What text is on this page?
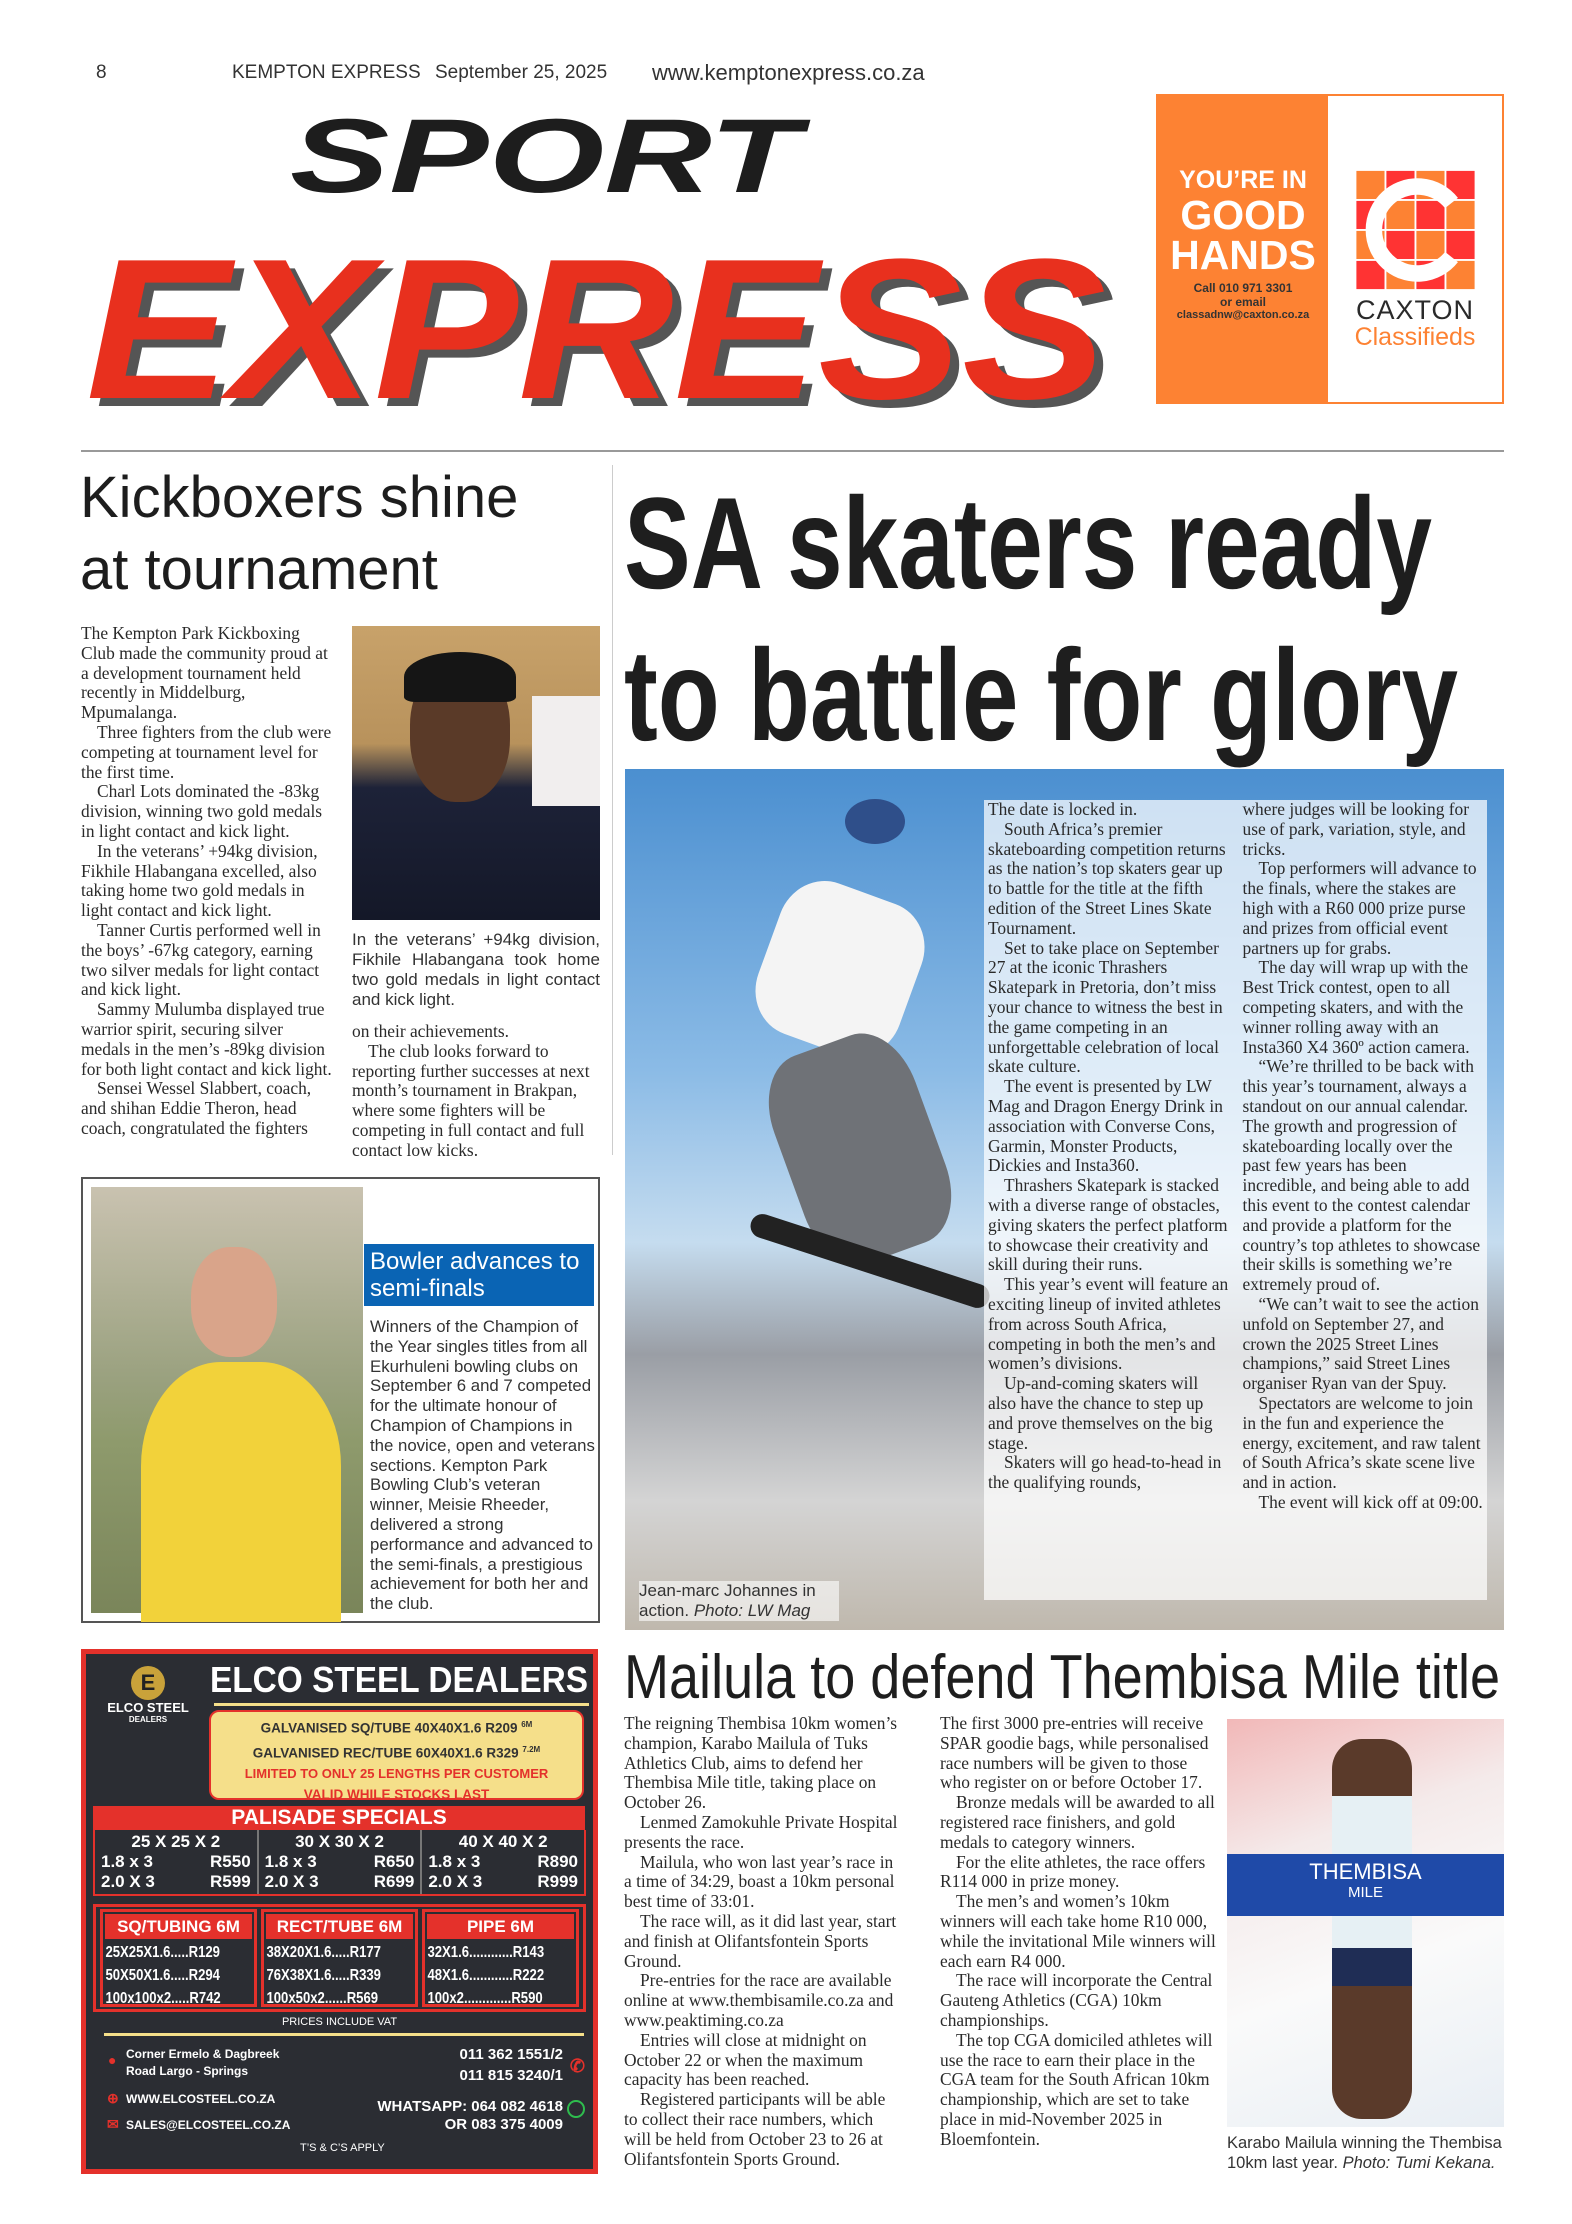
8	KEMPTON EXPRESS September 25, 2025 www.kemptonexpress.co.za
SPORT
EXPRESS
YOU’RE IN
GOOD
HANDS
Call 010 971 3301
or email
classadnw@caxton.co.za	CAXTON
Classifieds
Kickboxers shine
at tournament

The Kempton Park Kickboxing Club made the community proud at a development tournament held recently in Middelburg, Mpumalanga.

Three fighters from the club were competing at tournament level for the first time.

Charl Lots dominated the -83kg division, winning two gold medals in light contact and kick light.

In the veterans’ +94kg division, Fikhile Hlabangana excelled, also taking home two gold medals in light contact and kick light.

Tanner Curtis performed well in the boys’ -67kg category, earning two silver medals for light contact and kick light.

Sammy Mulumba displayed true warrior spirit, securing silver medals in the men’s -89kg division for both light contact and kick light.

Sensei Wessel Slabbert, coach, and shihan Eddie Theron, head coach, congratulated the fighters

In the veterans’ +94kg division, Fikhile Hlabangana took home two gold medals in light contact and kick light.

on their achievements.

The club looks forward to reporting further successes at next month’s tournament in Brakpan, where some fighters will be competing in full contact and full contact low kicks.

Bowler advances to semi-finals
Winners of the Champion of the Year singles titles from all Ekurhuleni bowling clubs on September 6 and 7 competed for the ultimate honour of Champion of Champions in the novice, open and veterans sections. Kempton Park Bowling Club’s veteran winner, Meisie Rheeder, delivered a strong performance and advanced to the semi-finals, a prestigious achievement for both her and the club.
SA skaters ready
to battle for glory

The date is locked in.

South Africa’s premier skateboarding competition returns as the nation’s top skaters gear up to battle for the title at the fifth edition of the Street Lines Skate Tournament.

Set to take place on September 27 at the iconic Thrashers Skatepark in Pretoria, don’t miss your chance to witness the best in the game competing in an unforgettable celebration of local skate culture.

The event is presented by LW Mag and Dragon Energy Drink in association with Converse Cons, Garmin, Monster Products, Dickies and Insta360.

Thrashers Skatepark is stacked with a diverse range of obstacles, giving skaters the perfect platform to showcase their creativity and skill during their runs.

This year’s event will feature an exciting lineup of invited athletes from across South Africa, competing in both the men’s and women’s divisions.

Up-and-coming skaters will also have the chance to step up and prove themselves on the big stage.

Skaters will go head-to-head in the qualifying rounds,

where judges will be looking for use of park, variation, style, and tricks.

Top performers will advance to the finals, where the stakes are high with a R60 000 prize purse and prizes from official event partners up for grabs.

The day will wrap up with the Best Trick contest, open to all competing skaters, and with the winner rolling away with an Insta360 X4 360º action camera.

“We’re thrilled to be back with this year’s tournament, always a standout on our annual calendar. The growth and progression of skateboarding locally over the past few years has been incredible, and being able to add this event to the contest calendar and provide a platform for the country’s top athletes to showcase their skills is something we’re extremely proud of.

“We can’t wait to see the action unfold on September 27, and crown the 2025 Street Lines champions,” said Street Lines organiser Ryan van der Spuy.

Spectators are welcome to join in the fun and experience the energy, excitement, and raw talent of South Africa’s skate scene live and in action.

The event will kick off at 09:00.

Jean-marc Johannes in action. Photo: LW Mag
E
ELCO STEEL
DEALERS
ELCO STEEL DEALERS
GALVANISED SQ/TUBE 40X40X1.6 R209 $^{6M}$
GALVANISED REC/TUBE 60X40X1.6 R329 $^{7.2M}$
LIMITED TO ONLY 25 LENGTHS PER CUSTOMER
VALID WHILE STOCKS LAST
PALISADE SPECIALS
25 X 25 X 2
1.8 x 3	R550
2.0 X 3	R599
30 X 30 X 2
1.8 x 3	R650
2.0 X 3	R699
40 X 40 X 2
1.8 x 3	R890
2.0 X 3	R999
SQ/TUBING 6M
25X25X1.6.....R129
50X50X1.6.....R294
100x100x2.....R742
RECT/TUBE 6M
38X20X1.6.....R177
76X38X1.6.....R339
100x50x2......R569
PIPE 6M
32X1.6............R143
48X1.6............R222
100x2.............R590
PRICES INCLUDE VAT
● Corner Ermelo & Dagbreek
Road Largo - Springs
⊕ WWW.ELCOSTEEL.CO.ZA
✉ SALES@ELCOSTEEL.CO.ZA
011 362 1551/2
011 815 3240/1 ✆
WHATSAPP: 064 082 4618
OR 083 375 4009
T’S & C’S APPLY
Mailula to defend Thembisa Mile title

The reigning Thembisa 10km women’s champion, Karabo Mailula of Tuks Athletics Club, aims to defend her Thembisa Mile title, taking place on October 26.

Lenmed Zamokuhle Private Hospital presents the race.

Mailula, who won last year’s race in a time of 34:29, boast a 10km personal best time of 33:01.

The race will, as it did last year, start and finish at Olifantsfontein Sports Ground.

Pre-entries for the race are available online at www.thembisamile.co.za and www.peaktiming.co.za

Entries will close at midnight on October 22 or when the maximum capacity has been reached.

Registered participants will be able to collect their race numbers, which will be held from October 23 to 26 at Olifantsfontein Sports Ground.

The first 3000 pre-entries will receive SPAR goodie bags, while personalised race numbers will be given to those who register on or before October 17.

Bronze medals will be awarded to all registered race finishers, and gold medals to category winners.

For the elite athletes, the race offers R114 000 in prize money.

The men’s and women’s 10km winners will each take home R10 000, while the invitational Mile winners will each earn R4 000.

The race will incorporate the Central Gauteng Athletics (CGA) 10km championships.

The top CGA domiciled athletes will use the race to earn their place in the CGA team for the South African 10km championship, which are set to take place in mid-November 2025 in Bloemfontein.

THEMBISA
MILE
Karabo Mailula winning the Thembisa 10km last year. Photo: Tumi Kekana.
